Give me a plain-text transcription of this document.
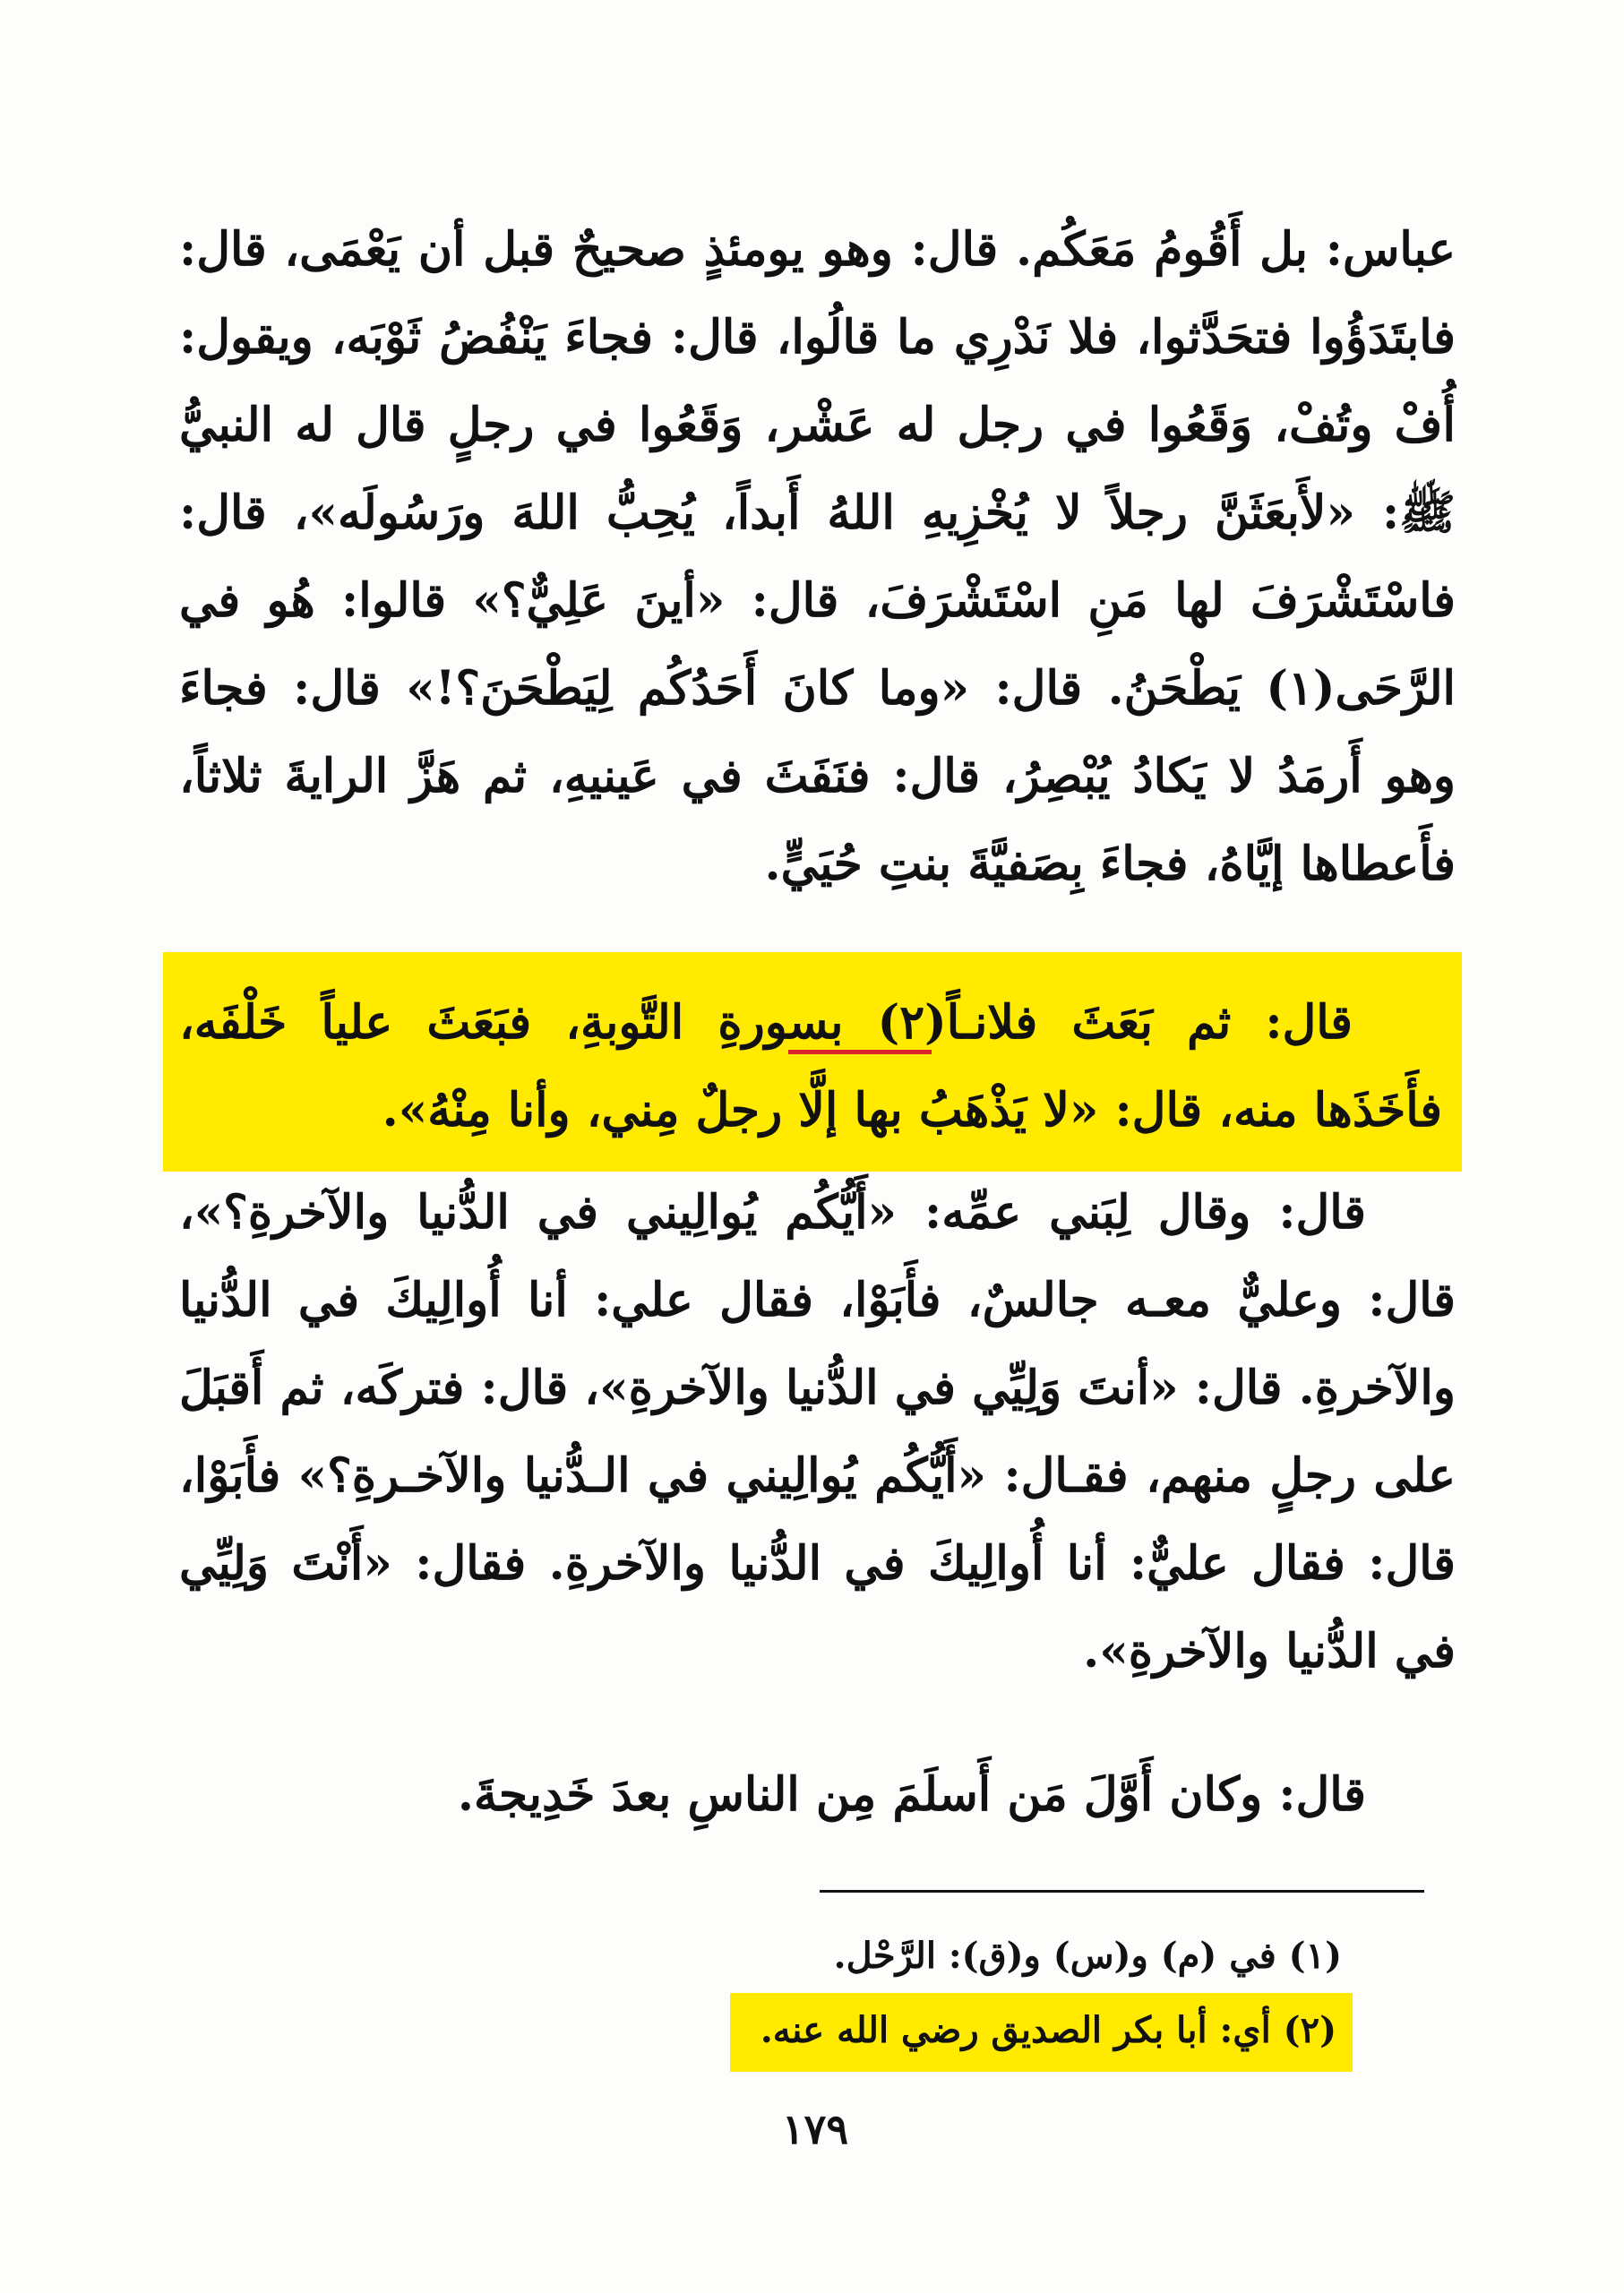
عباس: بل أَقُومُ مَعَكُم. قال: وهو يومئذٍ صحيحٌ قبل أن يَعْمَى، قال: فابتَدَؤُوا فتحَدَّثوا، فلا نَدْرِي ما قالُوا، قال: فجاءَ يَنْفُضُ ثَوْبَه، ويقول: أُفْ وتُفْ، وَقَعُوا في رجل له عَشْر، وَقَعُوا في رجلٍ قال له النبيُّ ﷺ: «لأَبعَثَنَّ رجلاً لا يُخْزِيهِ اللهُ أَبداً، يُحِبُّ اللهَ ورَسُولَه»، قال: فاسْتَشْرَفَ لها مَنِ اسْتَشْرَفَ، قال: «أينَ عَلِيٌّ؟» قالوا: هُو في الرَّحَى(١) يَطْحَنُ. قال: «وما كانَ أَحَدُكُم لِيَطْحَنَ؟!» قال: فجاءَ وهو أَرمَدُ لا يَكادُ يُبْصِرُ، قال: فنَفَثَ في عَينيهِ، ثم هَزَّ الرايةَ ثلاثاً، فأَعطاها إيَّاهُ، فجاءَ بِصَفيَّةَ بنتِ حُيَيٍّ.

قال: ثم بَعَثَ فلانـاً(٢) بسورةِ التَّوبةِ، فبَعَثَ علياً خَلْفَه، فأَخَذَها منه، قال: «لا يَذْهَبُ بها إلَّا رجلٌ مِني، وأنا مِنْهُ».

قال: وقال لِبَني عمِّه: «أَيُّكُم يُوالِيني في الدُّنيا والآخرةِ؟»، قال: وعليٌّ معـه جالسٌ، فأَبَوْا، فقال علي: أنا أُوالِيكَ في الدُّنيا والآخرةِ. قال: «أنتَ وَلِيِّي في الدُّنيا والآخرةِ»، قال: فتركَه، ثم أَقبَلَ على رجلٍ منهم، فقـال: «أَيُّكُم يُوالِيني في الـدُّنيا والآخـرةِ؟» فأَبَوْا، قال: فقال عليٌّ: أنا أُوالِيكَ في الدُّنيا والآخرةِ. فقال: «أَنْتَ وَلِيِّي في الدُّنيا والآخرةِ».

قال: وكان أَوَّلَ مَن أَسلَمَ مِن الناسِ بعدَ خَدِيجةَ.

(١) في (م) و(س) و(ق): الرَّحْل.

(٢) أي: أبا بكر الصديق رضي الله عنه.

١٧٩
